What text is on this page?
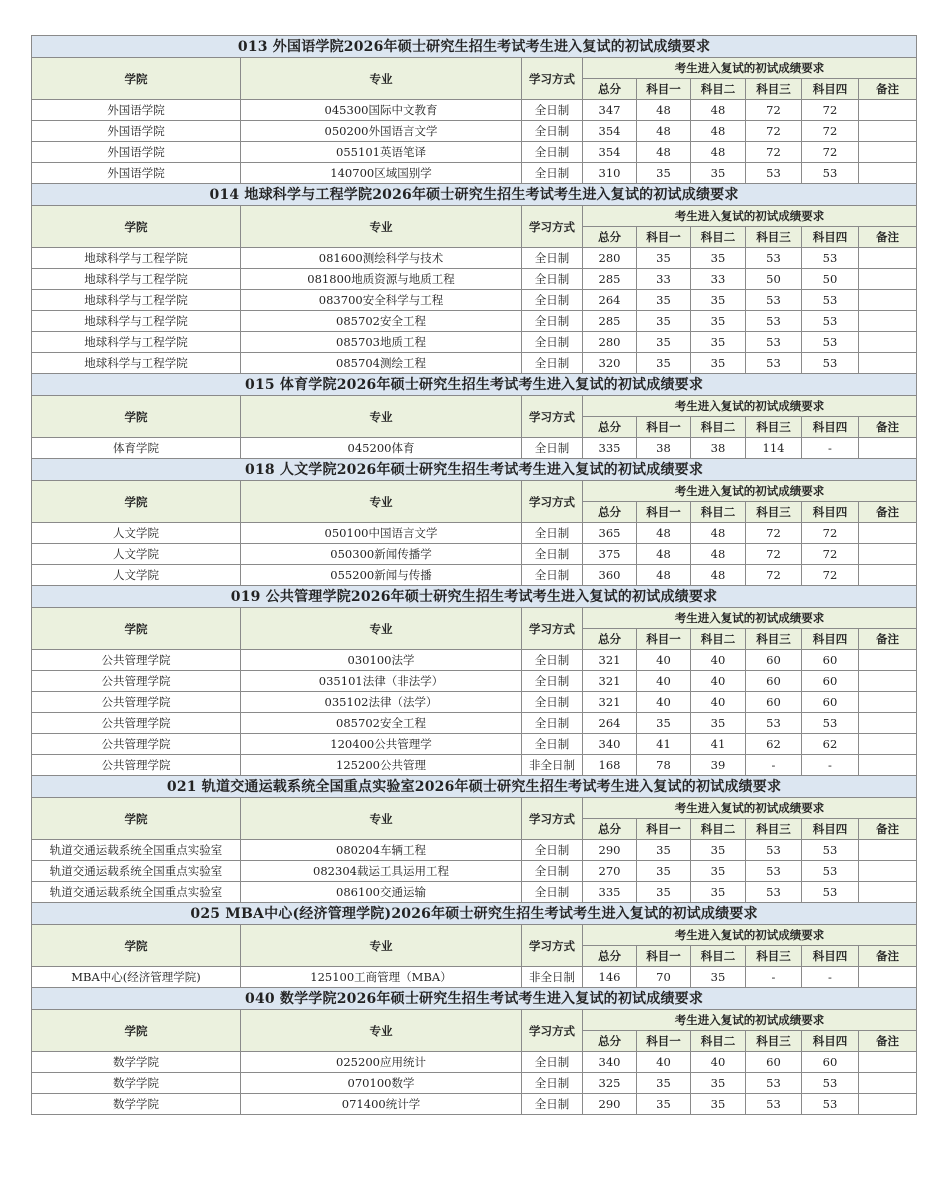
013 外国语学院2026年硕士研究生招生考试考生进入复试的初试成绩要求								
学院	专业	学习方式	考生进入复试的初试成绩要求					
			总分	科目一	科目二	科目三	科目四	备注
外国语学院	045300国际中文教育	全日制	347	48	48	72	72	
外国语学院	050200外国语言文学	全日制	354	48	48	72	72	
外国语学院	055101英语笔译	全日制	354	48	48	72	72	
外国语学院	140700区域国别学	全日制	310	35	35	53	53	
014 地球科学与工程学院2026年硕士研究生招生考试考生进入复试的初试成绩要求								
学院	专业	学习方式	考生进入复试的初试成绩要求					
			总分	科目一	科目二	科目三	科目四	备注
地球科学与工程学院	081600测绘科学与技术	全日制	280	35	35	53	53	
地球科学与工程学院	081800地质资源与地质工程	全日制	285	33	33	50	50	
地球科学与工程学院	083700安全科学与工程	全日制	264	35	35	53	53	
地球科学与工程学院	085702安全工程	全日制	285	35	35	53	53	
地球科学与工程学院	085703地质工程	全日制	280	35	35	53	53	
地球科学与工程学院	085704测绘工程	全日制	320	35	35	53	53	
015 体育学院2026年硕士研究生招生考试考生进入复试的初试成绩要求								
学院	专业	学习方式	考生进入复试的初试成绩要求					
			总分	科目一	科目二	科目三	科目四	备注
体育学院	045200体育	全日制	335	38	38	114	-	
018 人文学院2026年硕士研究生招生考试考生进入复试的初试成绩要求								
学院	专业	学习方式	考生进入复试的初试成绩要求					
			总分	科目一	科目二	科目三	科目四	备注
人文学院	050100中国语言文学	全日制	365	48	48	72	72	
人文学院	050300新闻传播学	全日制	375	48	48	72	72	
人文学院	055200新闻与传播	全日制	360	48	48	72	72	
019 公共管理学院2026年硕士研究生招生考试考生进入复试的初试成绩要求								
学院	专业	学习方式	考生进入复试的初试成绩要求					
			总分	科目一	科目二	科目三	科目四	备注
公共管理学院	030100法学	全日制	321	40	40	60	60	
公共管理学院	035101法律（非法学）	全日制	321	40	40	60	60	
公共管理学院	035102法律（法学）	全日制	321	40	40	60	60	
公共管理学院	085702安全工程	全日制	264	35	35	53	53	
公共管理学院	120400公共管理学	全日制	340	41	41	62	62	
公共管理学院	125200公共管理	非全日制	168	78	39	-	-	
021 轨道交通运载系统全国重点实验室2026年硕士研究生招生考试考生进入复试的初试成绩要求								
学院	专业	学习方式	考生进入复试的初试成绩要求					
			总分	科目一	科目二	科目三	科目四	备注
轨道交通运载系统全国重点实验室	080204车辆工程	全日制	290	35	35	53	53	
轨道交通运载系统全国重点实验室	082304载运工具运用工程	全日制	270	35	35	53	53	
轨道交通运载系统全国重点实验室	086100交通运输	全日制	335	35	35	53	53	
025 MBA中心(经济管理学院)2026年硕士研究生招生考试考生进入复试的初试成绩要求								
学院	专业	学习方式	考生进入复试的初试成绩要求					
			总分	科目一	科目二	科目三	科目四	备注
MBA中心(经济管理学院)	125100工商管理（MBA）	非全日制	146	70	35	-	-	
040 数学学院2026年硕士研究生招生考试考生进入复试的初试成绩要求								
学院	专业	学习方式	考生进入复试的初试成绩要求					
			总分	科目一	科目二	科目三	科目四	备注
数学学院	025200应用统计	全日制	340	40	40	60	60	
数学学院	070100数学	全日制	325	35	35	53	53	
数学学院	071400统计学	全日制	290	35	35	53	53	
